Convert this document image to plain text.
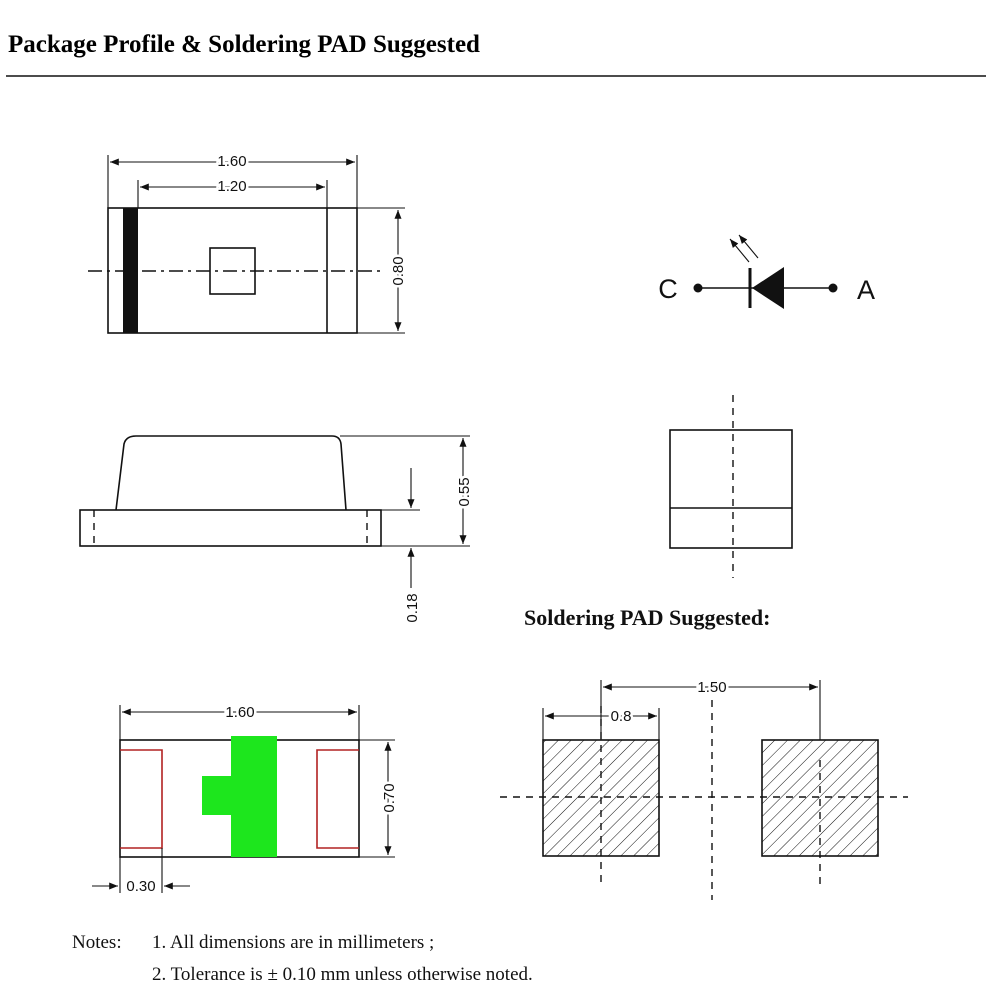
Package Profile & Soldering PAD Suggested
1.60
1.20
0.80
C	A
0.55
0.18	Soldering PAD Suggested:
1.60
0.70
0.30
1.50
0.8
Notes: 1. All dimensions are in millimeters ;
2. Tolerance is ± 0.10 mm unless otherwise noted.
